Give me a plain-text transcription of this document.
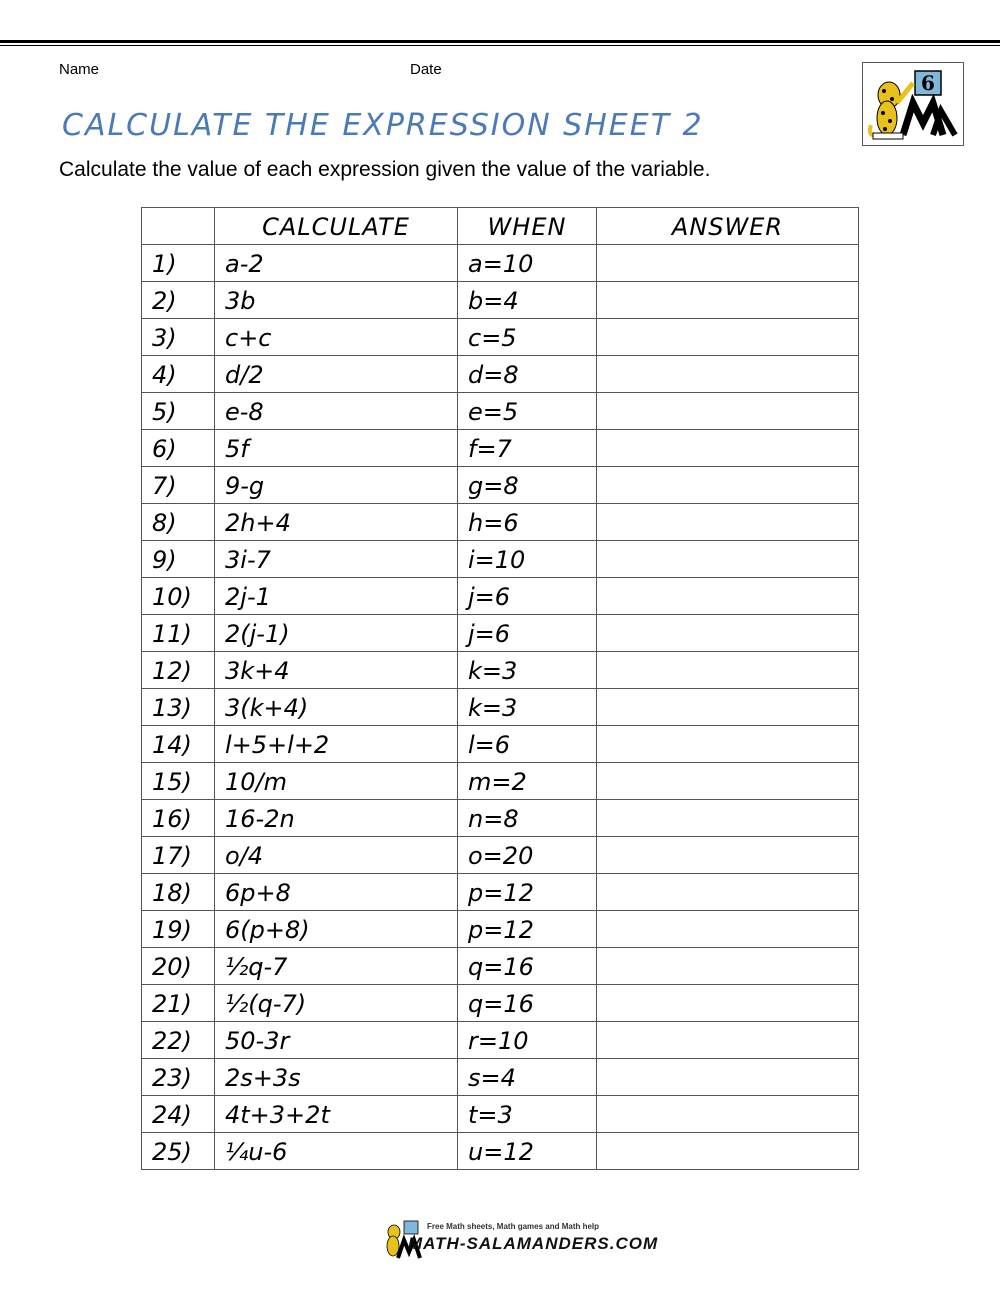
Name	Date
CALCULATE THE EXPRESSION SHEET 2
Calculate the value of each expression given the value of the variable.
6
	CALCULATE	WHEN	ANSWER
1)	a-2	a=10	
2)	3b	b=4	
3)	c+c	c=5	
4)	d/2	d=8	
5)	e-8	e=5	
6)	5f	f=7	
7)	9-g	g=8	
8)	2h+4	h=6	
9)	3i-7	i=10	
10)	2j-1	j=6	
11)	2(j-1)	j=6	
12)	3k+4	k=3	
13)	3(k+4)	k=3	
14)	l+5+l+2	l=6	
15)	10/m	m=2	
16)	16-2n	n=8	
17)	o/4	o=20	
18)	6p+8	p=12	
19)	6(p+8)	p=12	
20)	½q-7	q=16	
21)	½(q-7)	q=16	
22)	50-3r	r=10	
23)	2s+3s	s=4	
24)	4t+3+2t	t=3	
25)	¼u-6	u=12	
Free Math sheets, Math games and Math help
MATH-SALAMANDERS.COM
